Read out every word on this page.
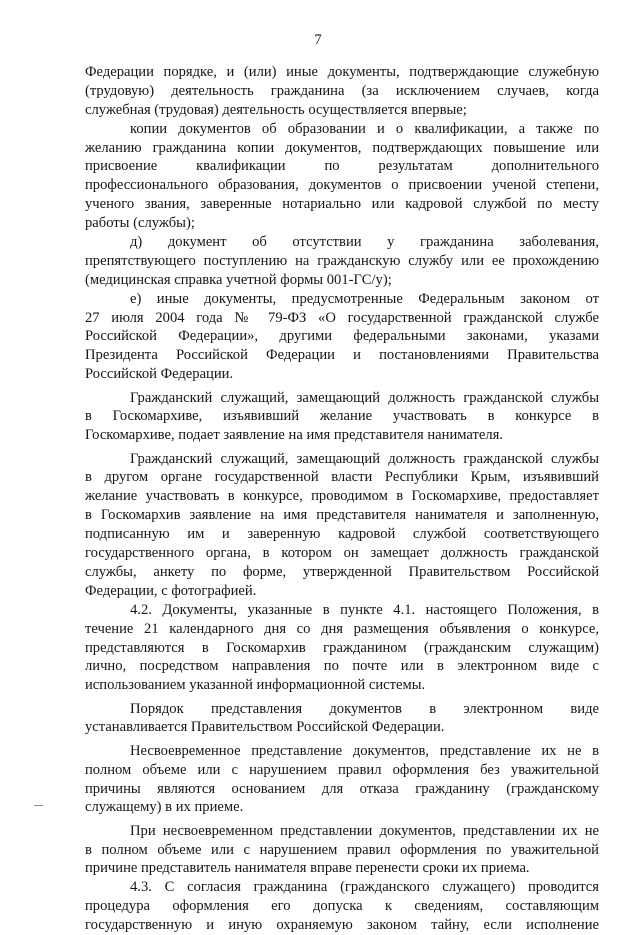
7
Федерации порядке, и (или) иные документы, подтверждающие служебную
(трудовую) деятельность гражданина (за исключением случаев, когда
служебная (трудовая) деятельность осуществляется впервые;
копии документов об образовании и о квалификации, а также по
желанию гражданина копии документов, подтверждающих повышение или
присвоение квалификации по результатам дополнительного
профессионального образования, документов о присвоении ученой степени,
ученого звания, заверенные нотариально или кадровой службой по месту
работы (службы);
д) документ об отсутствии у гражданина заболевания,
препятствующего поступлению на гражданскую службу или ее прохождению
(медицинская справка учетной формы 001-ГС/у);
е) иные документы, предусмотренные Федеральным законом от
27 июля 2004 года № 79-ФЗ «О государственной гражданской службе
Российской Федерации», другими федеральными законами, указами
Президента Российской Федерации и постановлениями Правительства
Российской Федерации.
Гражданский служащий, замещающий должность гражданской службы
в Госкомархиве, изъявивший желание участвовать в конкурсе в
Госкомархиве, подает заявление на имя представителя нанимателя.
Гражданский служащий, замещающий должность гражданской службы
в другом органе государственной власти Республики Крым, изъявивший
желание участвовать в конкурсе, проводимом в Госкомархиве, предоставляет
в Госкомархив заявление на имя представителя нанимателя и заполненную,
подписанную им и заверенную кадровой службой соответствующего
государственного органа, в котором он замещает должность гражданской
службы, анкету по форме, утвержденной Правительством Российской
Федерации, с фотографией.
4.2. Документы, указанные в пункте 4.1. настоящего Положения, в
течение 21 календарного дня со дня размещения объявления о конкурсе,
представляются в Госкомархив гражданином (гражданским служащим)
лично, посредством направления по почте или в электронном виде с
использованием указанной информационной системы.
Порядок представления документов в электронном виде
устанавливается Правительством Российской Федерации.
Несвоевременное представление документов, представление их не в
полном объеме или с нарушением правил оформления без уважительной
причины являются основанием для отказа гражданину (гражданскому
служащему) в их приеме.
При несвоевременном представлении документов, представлении их не
в полном объеме или с нарушением правил оформления по уважительной
причине представитель нанимателя вправе перенести сроки их приема.
4.3. С согласия гражданина (гражданского служащего) проводится
процедура оформления его допуска к сведениям, составляющим
государственную и иную охраняемую законом тайну, если исполнение
